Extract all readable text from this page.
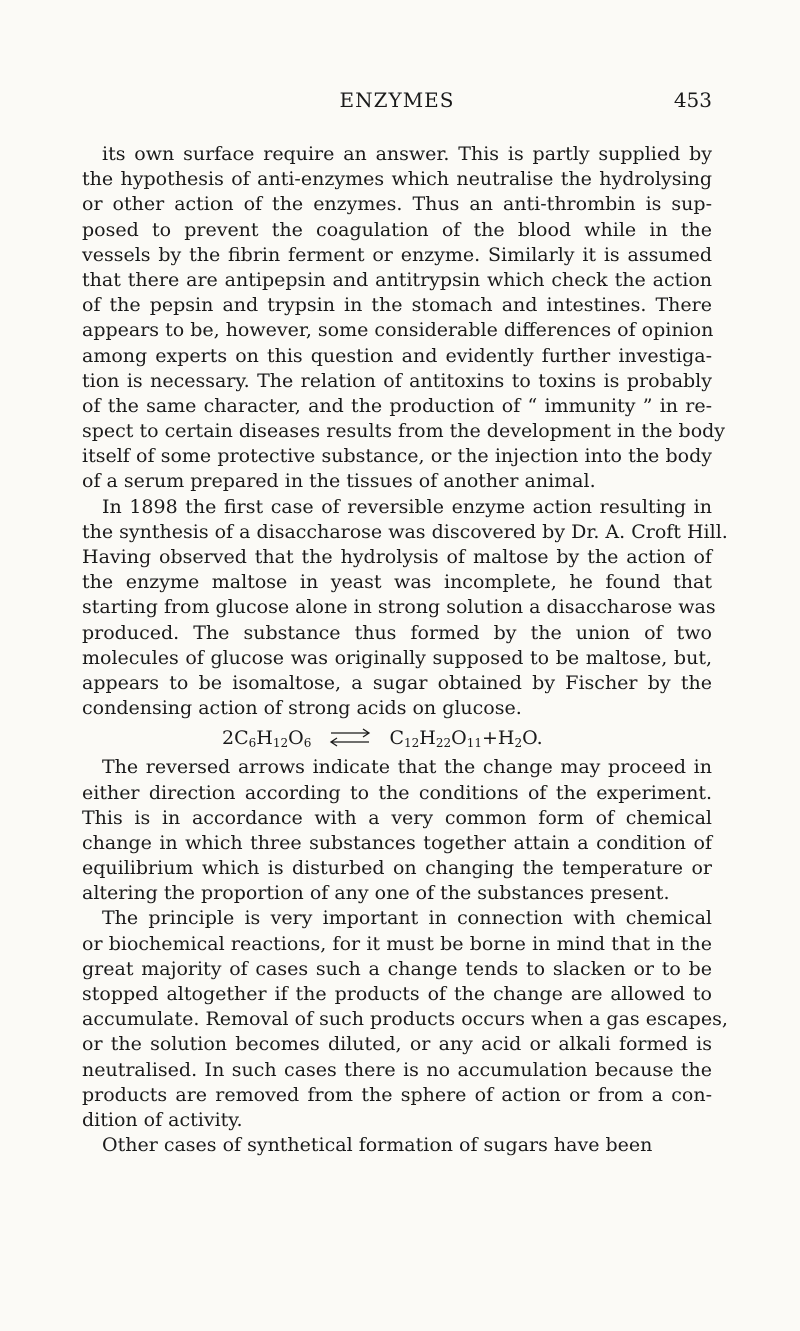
ENZYMES	453
its own surface require an answer. This is partly supplied by
the hypothesis of anti-enzymes which neutralise the hydrolysing
or other action of the enzymes. Thus an anti-thrombin is sup-
posed to prevent the coagulation of the blood while in the
vessels by the fibrin ferment or enzyme. Similarly it is assumed
that there are antipepsin and antitrypsin which check the action
of the pepsin and trypsin in the stomach and intestines. There
appears to be, however, some considerable differences of opinion
among experts on this question and evidently further investiga-
tion is necessary. The relation of antitoxins to toxins is probably
of the same character, and the production of “ immunity ” in re-
spect to certain diseases results from the development in the body
itself of some protective substance, or the injection into the body
of a serum prepared in the tissues of another animal.
In 1898 the first case of reversible enzyme action resulting in
the synthesis of a disaccharose was discovered by Dr. A. Croft Hill.
Having observed that the hydrolysis of maltose by the action of
the enzyme maltose in yeast was incomplete, he found that
starting from glucose alone in strong solution a disaccharose was
produced. The substance thus formed by the union of two
molecules of glucose was originally supposed to be maltose, but,
appears to be isomaltose, a sugar obtained by Fischer by the
condensing action of strong acids on glucose.
$2C_6H_{12}O_6$ ⇌ $C_{12}H_{22}O_{11}+H_2O$.
The reversed arrows indicate that the change may proceed in
either direction according to the conditions of the experiment.
This is in accordance with a very common form of chemical
change in which three substances together attain a condition of
equilibrium which is disturbed on changing the temperature or
altering the proportion of any one of the substances present.
The principle is very important in connection with chemical
or biochemical reactions, for it must be borne in mind that in the
great majority of cases such a change tends to slacken or to be
stopped altogether if the products of the change are allowed to
accumulate. Removal of such products occurs when a gas escapes,
or the solution becomes diluted, or any acid or alkali formed is
neutralised. In such cases there is no accumulation because the
products are removed from the sphere of action or from a con-
dition of activity.
Other cases of synthetical formation of sugars have been
